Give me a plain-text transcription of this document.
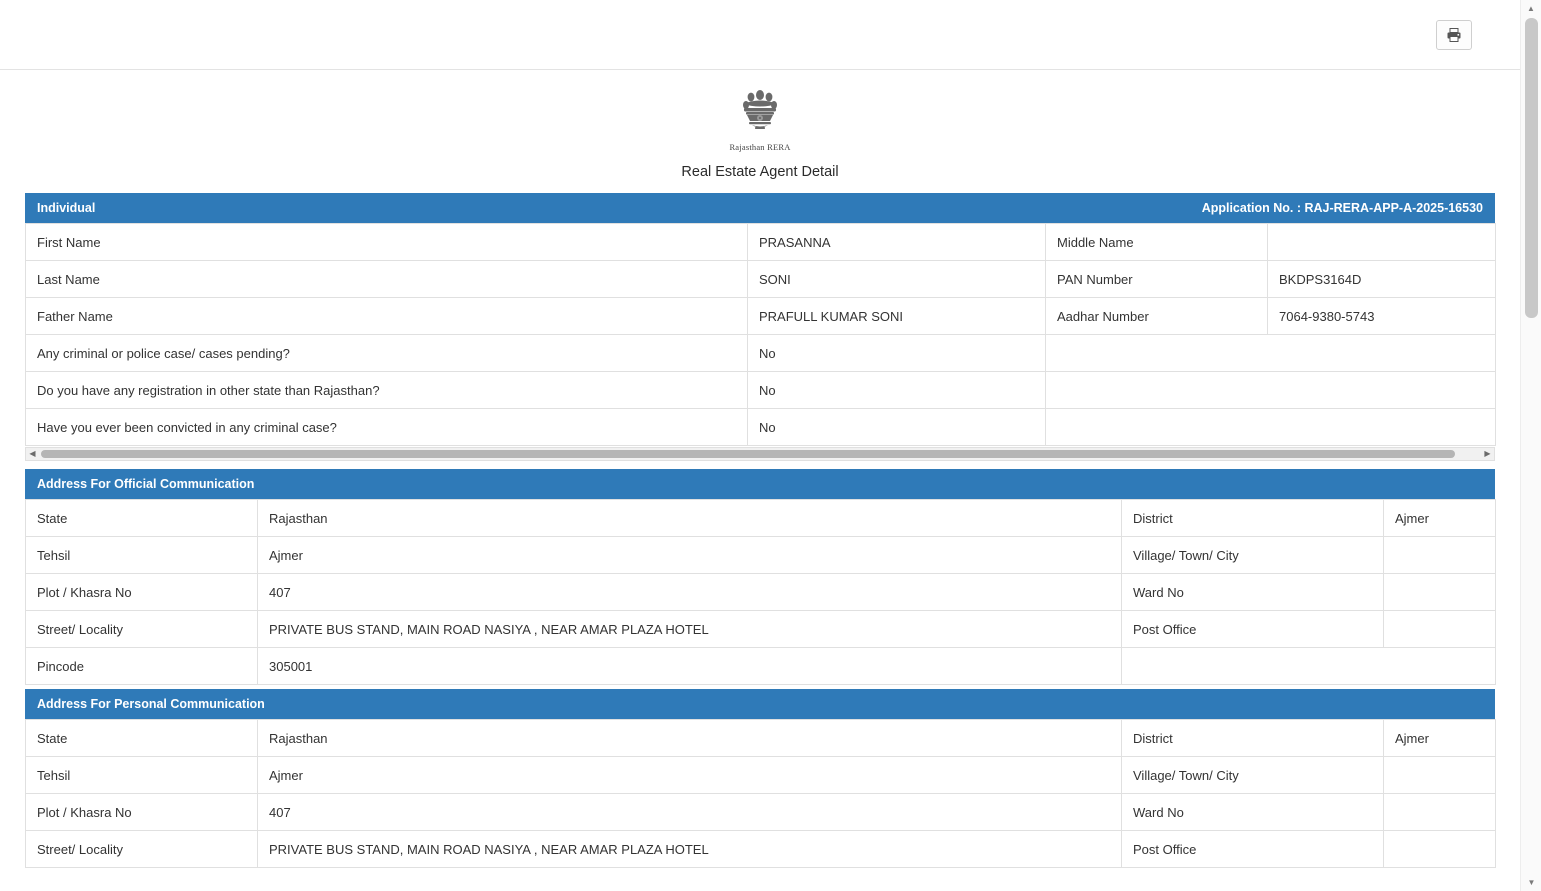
Rajasthan RERA
Real Estate Agent Detail
Individual	Application No. : RAJ-RERA-APP-A-2025-16530
First Name	PRASANNA	Middle Name	
Last Name	SONI	PAN Number	BKDPS3164D
Father Name	PRAFULL KUMAR SONI	Aadhar Number	7064-9380-5743
Any criminal or police case/ cases pending?	No		
Do you have any registration in other state than Rajasthan?	No		
Have you ever been convicted in any criminal case?	No		
◀	▶
Address For Official Communication
State	Rajasthan	District	Ajmer
Tehsil	Ajmer	Village/ Town/ City	
Plot / Khasra No	407	Ward No	
Street/ Locality	PRIVATE BUS STAND, MAIN ROAD NASIYA , NEAR AMAR PLAZA HOTEL	Post Office	
Pincode	305001		
Address For Personal Communication
State	Rajasthan	District	Ajmer
Tehsil	Ajmer	Village/ Town/ City	
Plot / Khasra No	407	Ward No	
Street/ Locality	PRIVATE BUS STAND, MAIN ROAD NASIYA , NEAR AMAR PLAZA HOTEL	Post Office	
▲
▼
